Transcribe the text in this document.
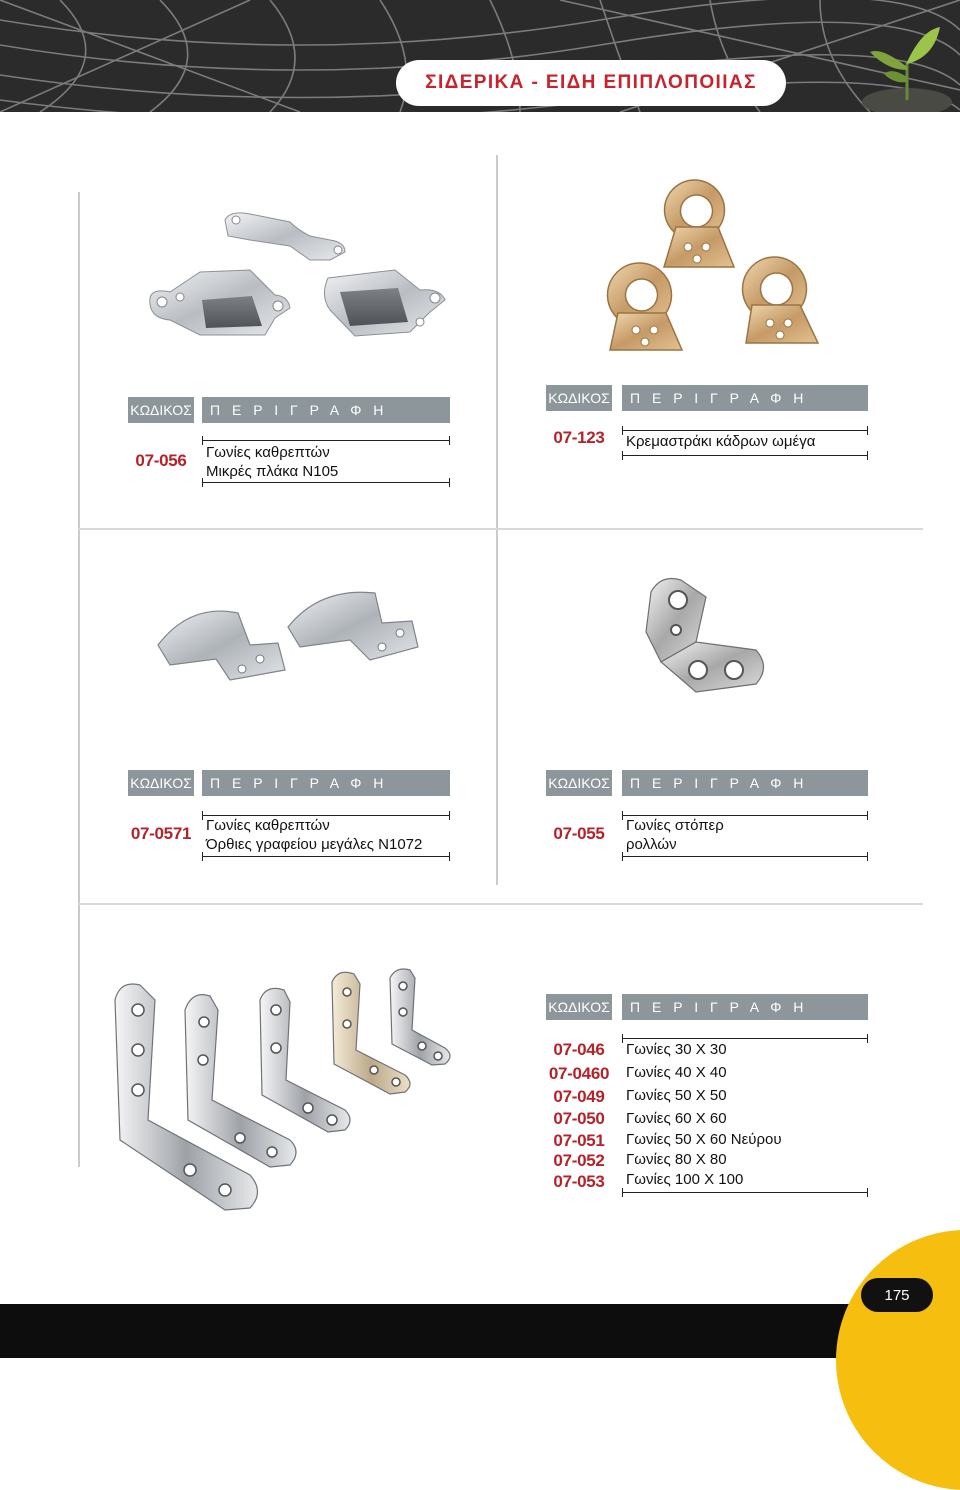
ΣΙΔΕΡΙΚΑ - ΕΙΔΗ ΕΠΙΠΛΟΠΟΙΙΑΣ
ΚΩΔΙΚΟΣ	Π Ε Ρ Ι Γ Ρ Α Φ Η
07-056	Γωνίες καθρεπτών
Μικρές πλάκα Ν105
ΚΩΔΙΚΟΣ	Π Ε Ρ Ι Γ Ρ Α Φ Η
07-123	Κρεμαστράκι κάδρων ωμέγα
ΚΩΔΙΚΟΣ	Π Ε Ρ Ι Γ Ρ Α Φ Η
07-0571 Γωνίες καθρεπτών
Όρθιες γραφείου μεγάλες Ν1072
ΚΩΔΙΚΟΣ	Π Ε Ρ Ι Γ Ρ Α Φ Η
07-055	Γωνίες στόπερ
ρολλών
ΚΩΔΙΚΟΣ	Π Ε Ρ Ι Γ Ρ Α Φ Η
07-046	Γωνίες 30 Χ 30
07-0460	Γωνίες 40 Χ 40
07-049	Γωνίες 50 Χ 50
07-050	Γωνίες 60 Χ 60
07-051	Γωνίες 50 Χ 60 Νεύρου
07-052	Γωνίες 80 Χ 80
07-053	Γωνίες 100 Χ 100
175
